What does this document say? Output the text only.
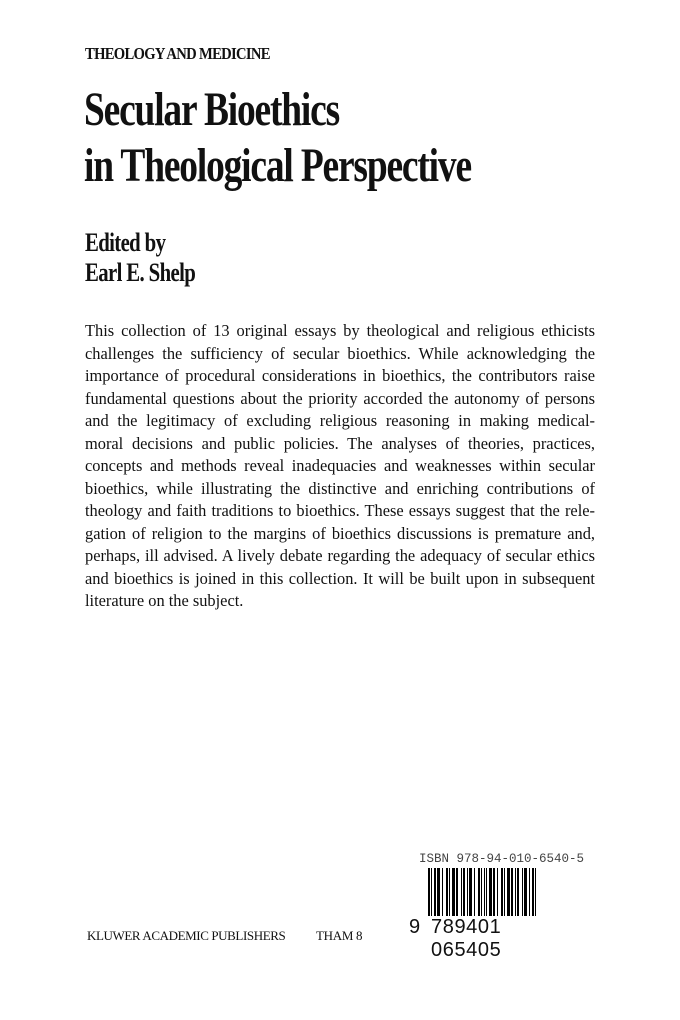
THEOLOGY AND MEDICINE
Secular Bioethics
in Theological Perspective
Edited by
Earl E. Shelp
This collection of 13 original essays by theological and religious ethicists
challenges the sufficiency of secular bioethics. While acknowledging the
importance of procedural considerations in bioethics, the contributors raise
fundamental questions about the priority accorded the autonomy of persons
and the legitimacy of excluding religious reasoning in making medical-
moral decisions and public policies. The analyses of theories, practices,
concepts and methods reveal inadequacies and weaknesses within secular
bioethics, while illustrating the distinctive and enriching contributions of
theology and faith traditions to bioethics. These essays suggest that the rele-
gation of religion to the margins of bioethics discussions is premature and,
perhaps, ill advised. A lively debate regarding the adequacy of secular ethics
and bioethics is joined in this collection. It will be built upon in subsequent
literature on the subject.
ISBN 978-94-010-6540-5
9 789401 065405
KLUWER ACADEMIC PUBLISHERS THAM 8
